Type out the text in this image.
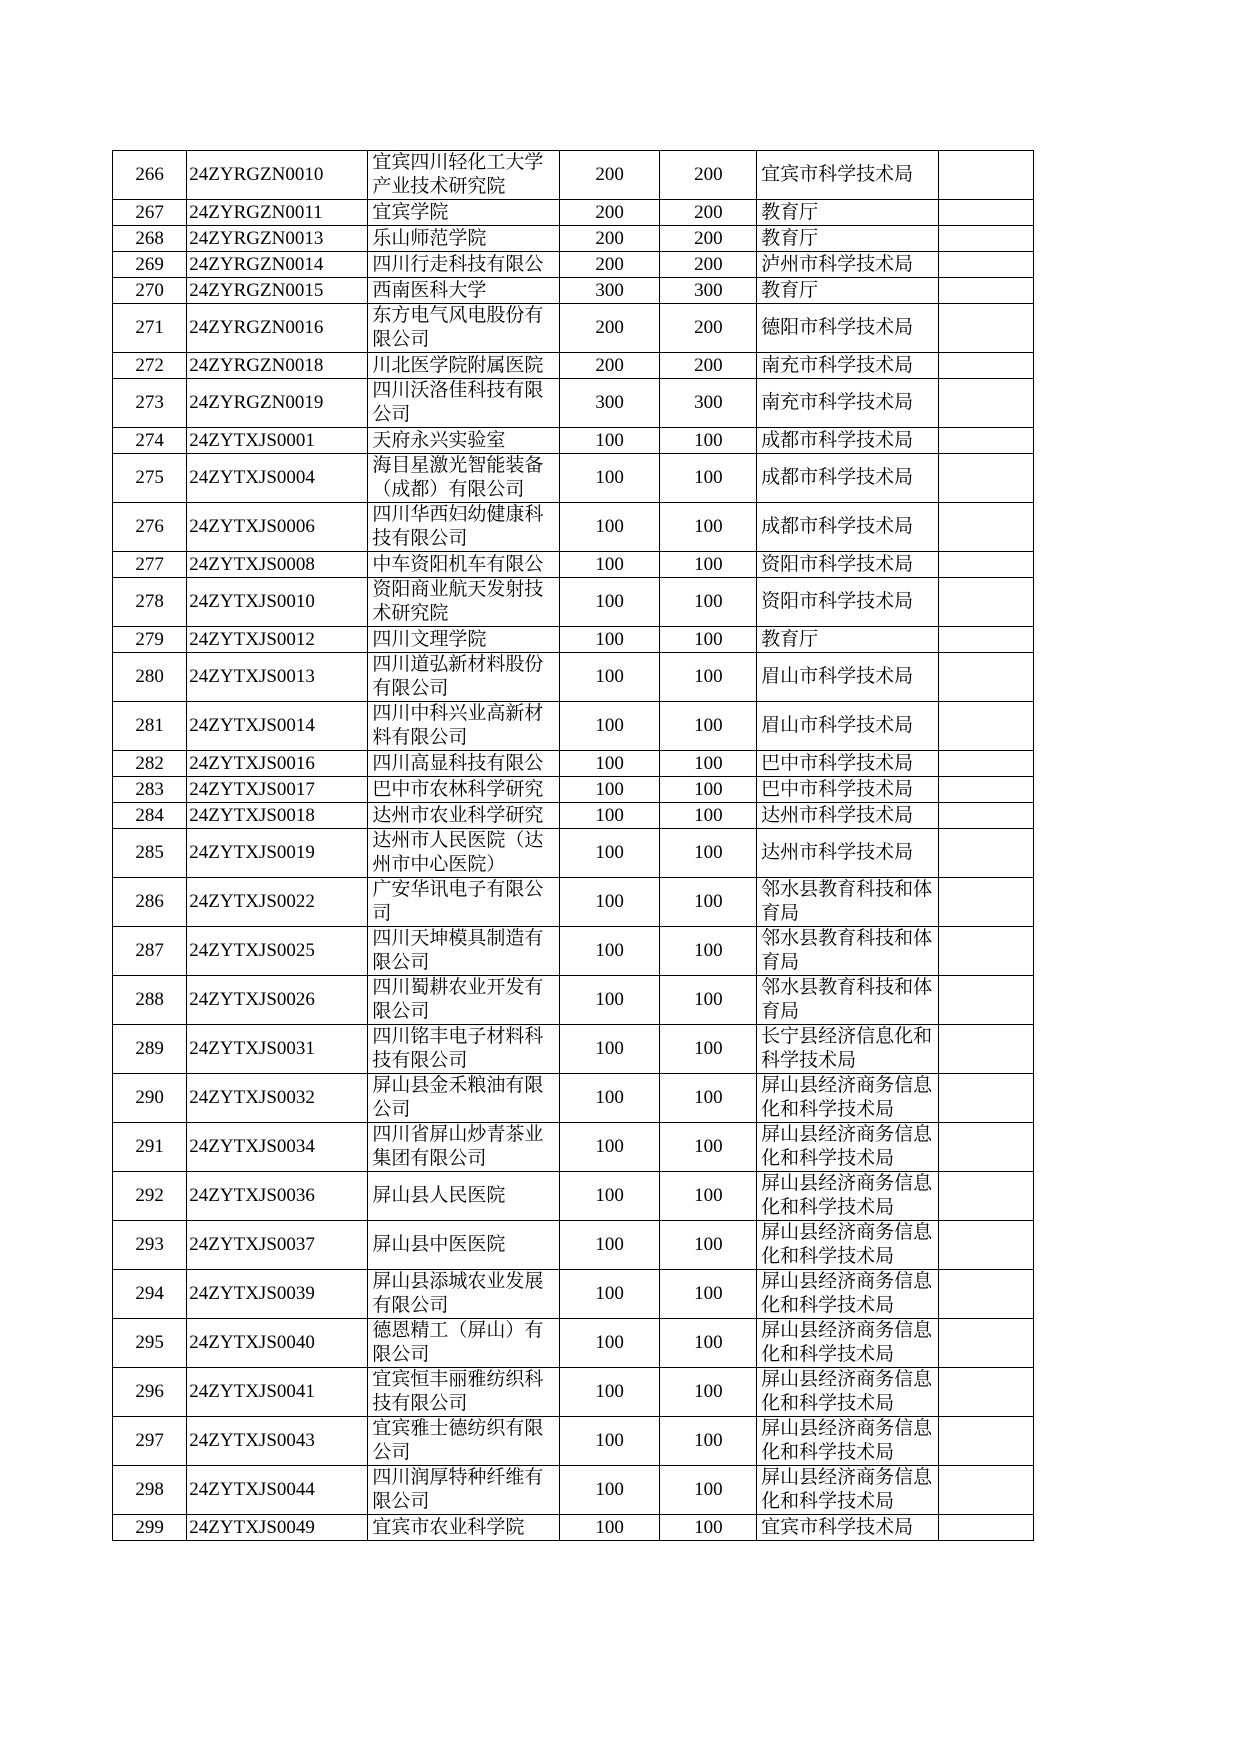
266	24ZYRGZN0010	宜宾四川轻化工大学产业技术研究院	200	200	宜宾市科学技术局	

267	24ZYRGZN0011	宜宾学院	200	200	教育厅	

268	24ZYRGZN0013	乐山师范学院	200	200	教育厅	

269	24ZYRGZN0014	四川行走科技有限公	200	200	泸州市科学技术局	

270	24ZYRGZN0015	西南医科大学	300	300	教育厅	

271	24ZYRGZN0016	东方电气风电股份有限公司	200	200	德阳市科学技术局	

272	24ZYRGZN0018	川北医学院附属医院	200	200	南充市科学技术局	

273	24ZYRGZN0019	四川沃洛佳科技有限公司	300	300	南充市科学技术局	

274	24ZYTXJS0001	天府永兴实验室	100	100	成都市科学技术局	

275	24ZYTXJS0004	海目星激光智能装备（成都）有限公司	100	100	成都市科学技术局	

276	24ZYTXJS0006	四川华西妇幼健康科技有限公司	100	100	成都市科学技术局	

277	24ZYTXJS0008	中车资阳机车有限公	100	100	资阳市科学技术局	

278	24ZYTXJS0010	资阳商业航天发射技术研究院	100	100	资阳市科学技术局	

279	24ZYTXJS0012	四川文理学院	100	100	教育厅	

280	24ZYTXJS0013	四川道弘新材料股份有限公司	100	100	眉山市科学技术局	

281	24ZYTXJS0014	四川中科兴业高新材料有限公司	100	100	眉山市科学技术局	

282	24ZYTXJS0016	四川高显科技有限公	100	100	巴中市科学技术局	

283	24ZYTXJS0017	巴中市农林科学研究	100	100	巴中市科学技术局	

284	24ZYTXJS0018	达州市农业科学研究	100	100	达州市科学技术局	

285	24ZYTXJS0019	达州市人民医院（达州市中心医院）	100	100	达州市科学技术局	

286	24ZYTXJS0022	广安华讯电子有限公司	100	100	邻水县教育科技和体育局	

287	24ZYTXJS0025	四川天坤模具制造有限公司	100	100	邻水县教育科技和体育局	

288	24ZYTXJS0026	四川蜀耕农业开发有限公司	100	100	邻水县教育科技和体育局	

289	24ZYTXJS0031	四川铭丰电子材料科技有限公司	100	100	长宁县经济信息化和科学技术局	

290	24ZYTXJS0032	屏山县金禾粮油有限公司	100	100	屏山县经济商务信息化和科学技术局	

291	24ZYTXJS0034	四川省屏山炒青茶业集团有限公司	100	100	屏山县经济商务信息化和科学技术局	

292	24ZYTXJS0036	屏山县人民医院	100	100	屏山县经济商务信息化和科学技术局	

293	24ZYTXJS0037	屏山县中医医院	100	100	屏山县经济商务信息化和科学技术局	

294	24ZYTXJS0039	屏山县添城农业发展有限公司	100	100	屏山县经济商务信息化和科学技术局	

295	24ZYTXJS0040	德恩精工（屏山）有限公司	100	100	屏山县经济商务信息化和科学技术局	

296	24ZYTXJS0041	宜宾恒丰丽雅纺织科技有限公司	100	100	屏山县经济商务信息化和科学技术局	

297	24ZYTXJS0043	宜宾雅士德纺织有限公司	100	100	屏山县经济商务信息化和科学技术局	

298	24ZYTXJS0044	四川润厚特种纤维有限公司	100	100	屏山县经济商务信息化和科学技术局	

299	24ZYTXJS0049	宜宾市农业科学院	100	100	宜宾市科学技术局	
